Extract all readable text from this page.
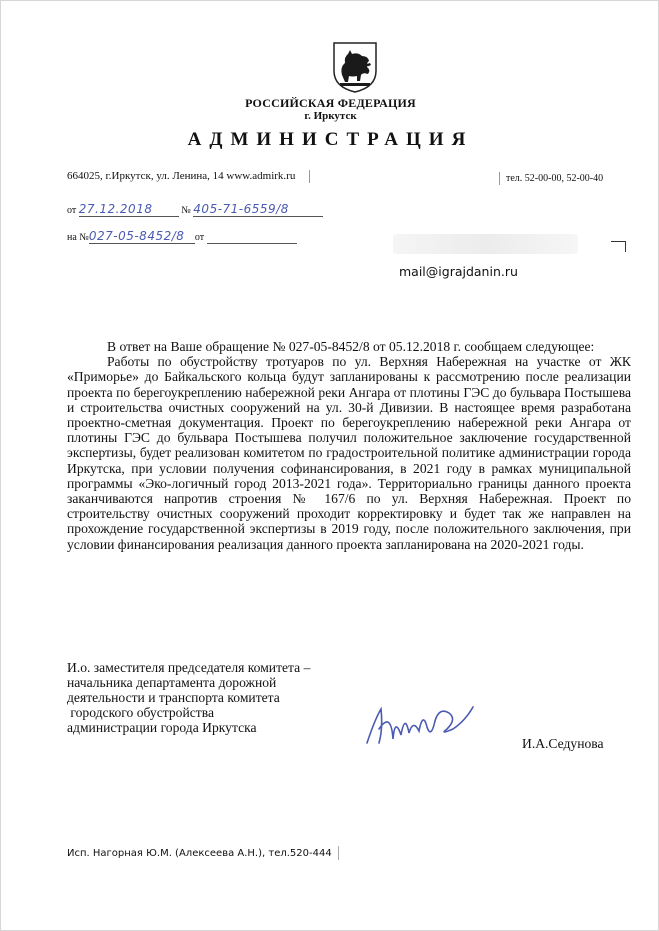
РОССИЙСКАЯ ФЕДЕРАЦИЯ
г. Иркутск
АДМИНИСТРАЦИЯ
664025, г.Иркутск, ул. Ленина, 14 www.admirk.ru	тел. 52-00-00, 52-00-40
от 27.12.2018	№ 405-71-6559/8
на №027-05-8452/8 от
mail@igrajdanin.ru

В ответ на Ваше обращение № 027-05-8452/8 от 05.12.2018 г. сообщаем следующее:

Работы по обустройству тротуаров по ул. Верхняя Набережная на участке от ЖК «Приморье» до Байкальского кольца будут запланированы к рассмотрению после реализации проекта по берегоукреплению набережной реки Ангара от плотины ГЭС до бульвара Постышева и строительства очистных сооружений на ул. 30-й Дивизии. В настоящее время разработана проектно-сметная документация. Проект по берегоукреплению набережной реки Ангара от плотины ГЭС до бульвара Постышева получил положительное заключение государственной экспертизы, будет реализован комитетом по градостроительной политике администрации города Иркутска, при условии получения софинансирования, в 2021 году в рамках муниципальной программы «Эко-логичный город 2013-2021 года». Территориально границы данного проекта заканчиваются напротив строения № 167/6 по ул. Верхняя Набережная. Проект по строительству очистных сооружений проходит корректировку и будет так же направлен на прохождение государственной экспертизы в 2019 году, после положительного заключения, при условии финансирования реализация данного проекта запланирована на 2020-2021 годы.

И.о. заместителя председателя комитета –
начальника департамента дорожной
деятельности и транспорта комитета
городского обустройства
администрации города Иркутска
И.А.Седунова
Исп. Нагорная Ю.М. (Алексеева А.Н.), тел.520-444
